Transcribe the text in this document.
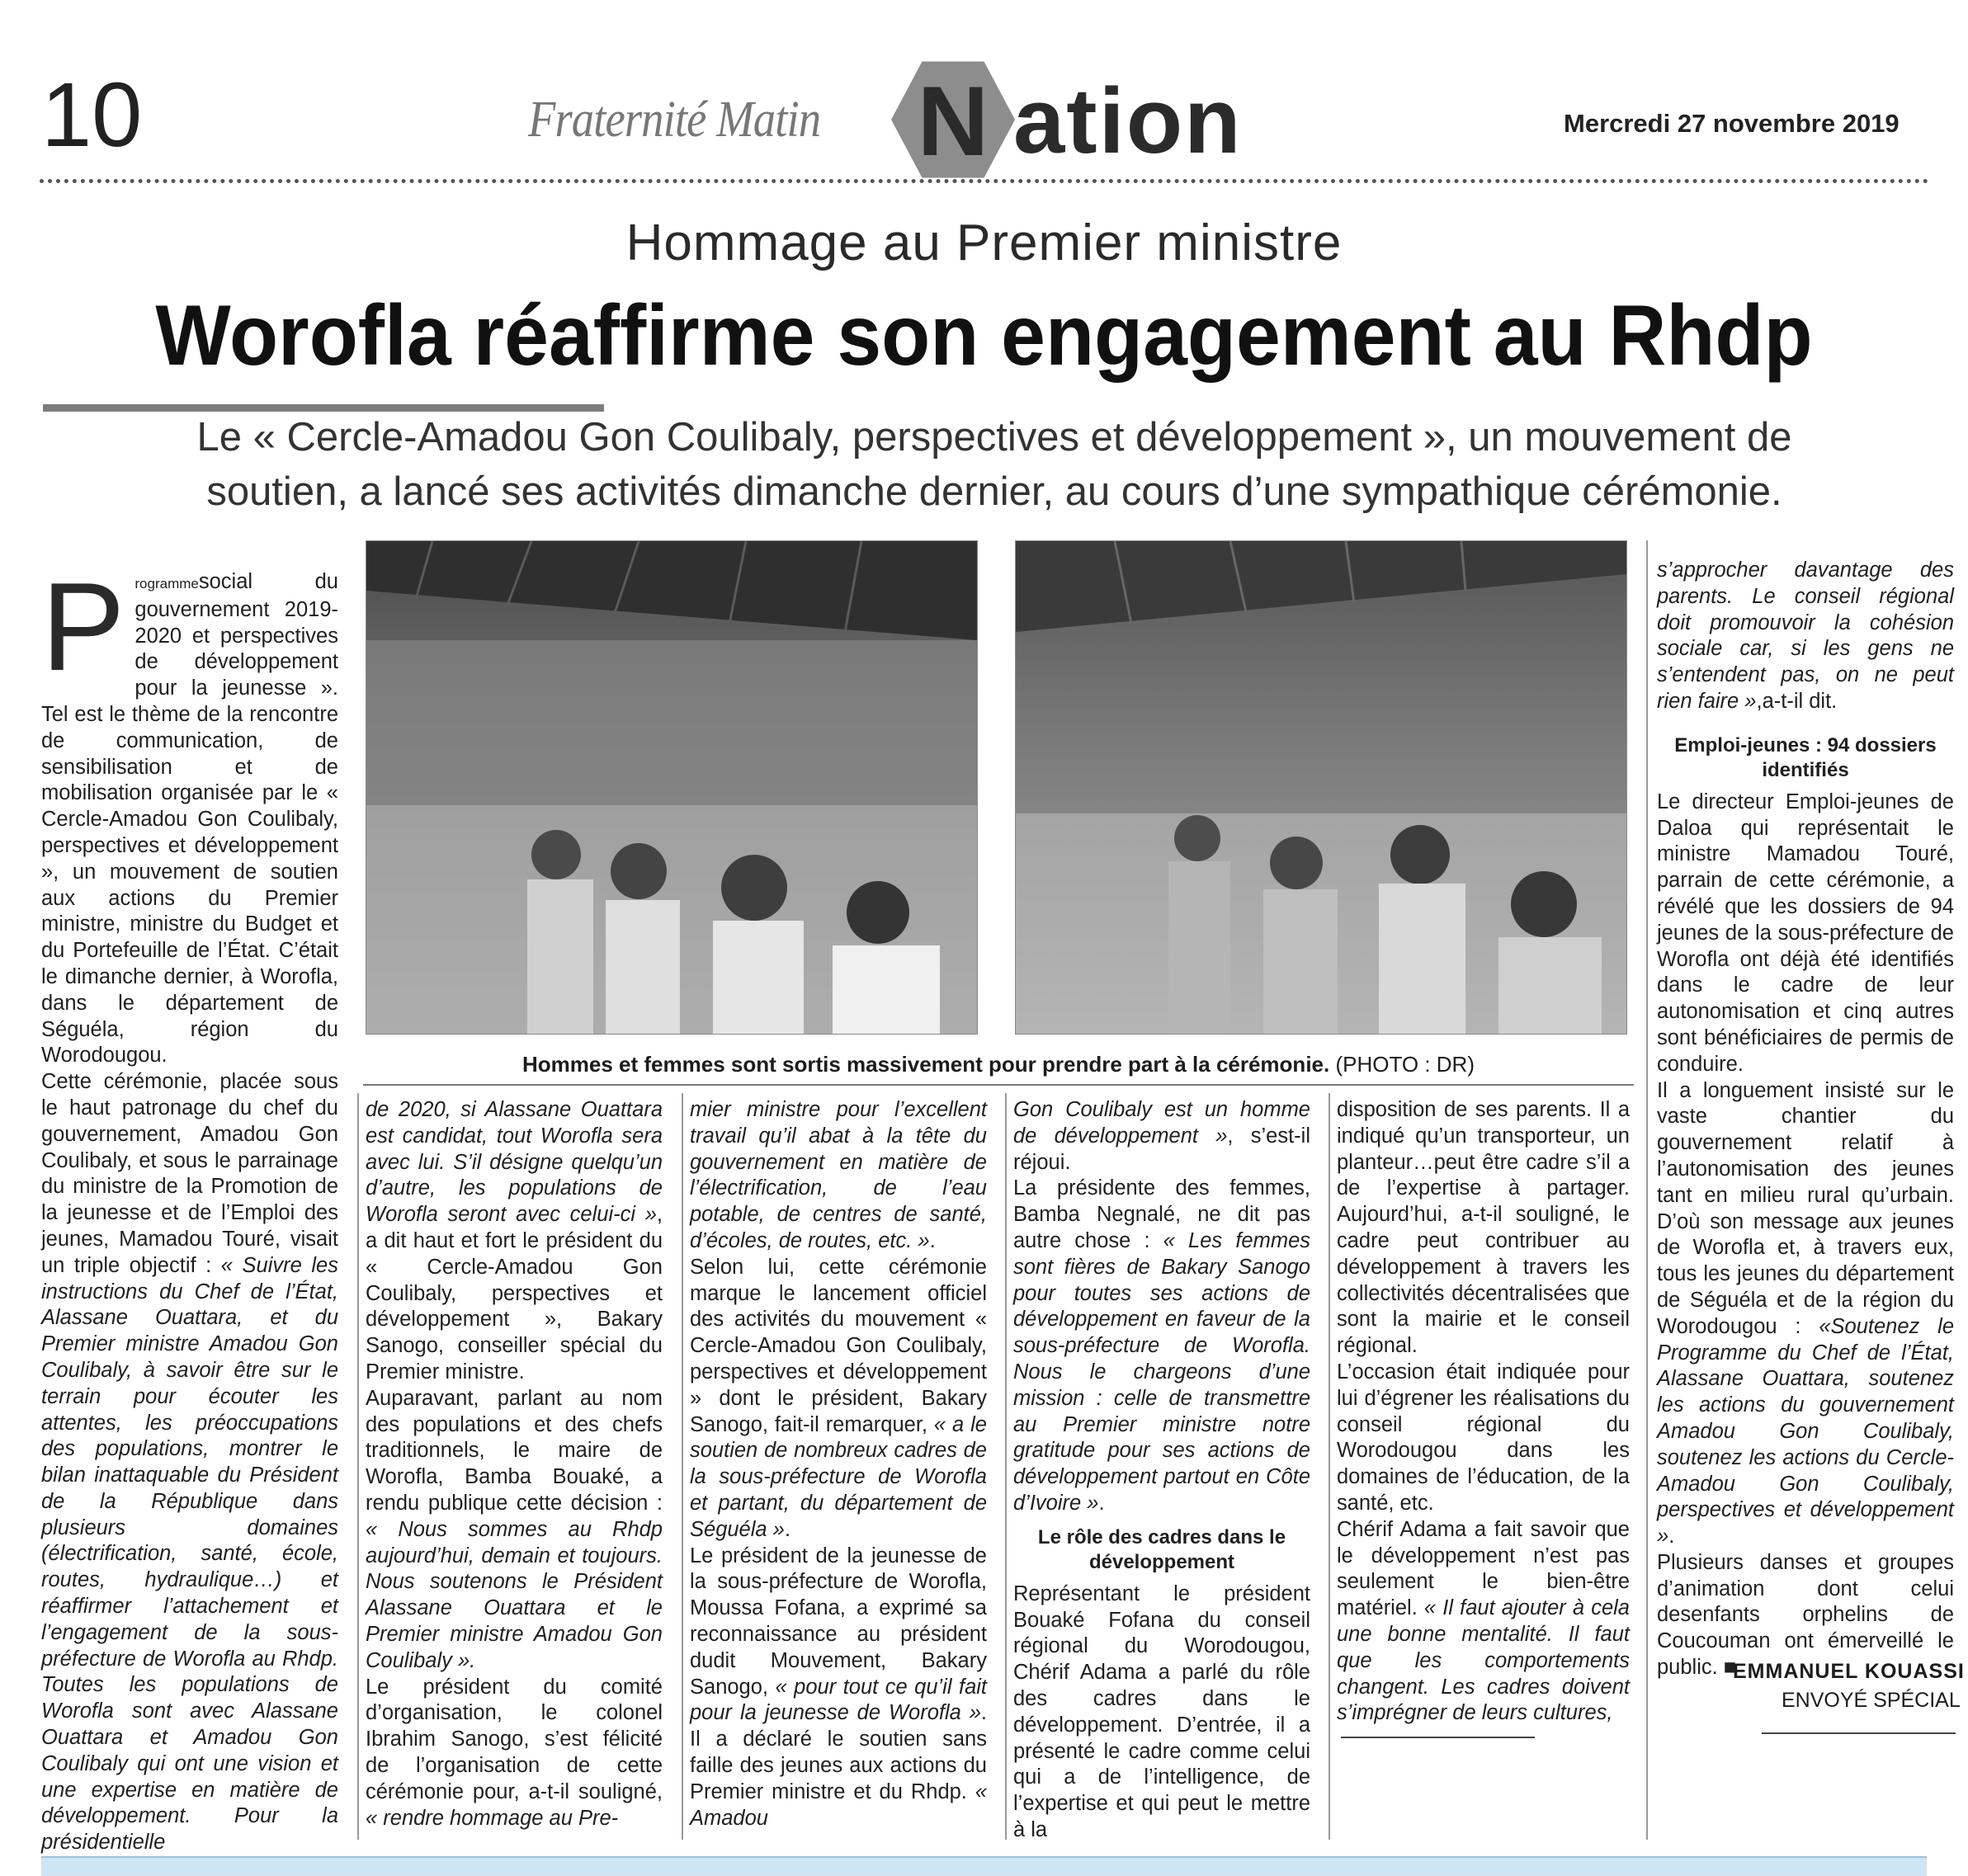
10	Fraternité Matin N ation	Mercredi 27 novembre 2019
Hommage au Premier ministre
Worofla réaffirme son engagement au Rhdp
Le « Cercle-Amadou Gon Coulibaly, perspectives et développement », un mouvement de
soutien, a lancé ses activités dimanche dernier, au cours d’une sympathique cérémonie.
Hommes et femmes sont sortis massivement pour prendre part à la cérémonie. (PHOTO : DR)

Programmesocial du gouvernement 2019-2020 et perspectives de développement pour la jeunesse ». Tel est le thème de la rencontre de communication, de sensibilisation et de mobilisation organisée par le « Cercle-Amadou Gon Coulibaly, perspectives et développement », un mouvement de soutien aux actions du Premier ministre, ministre du Budget et du Portefeuille de l’État. C’était le dimanche dernier, à Worofla, dans le département de Séguéla, région du Worodougou.

Cette cérémonie, placée sous le haut patronage du chef du gouvernement, Amadou Gon Coulibaly, et sous le parrainage du ministre de la Promotion de la jeunesse et de l’Emploi des jeunes, Mamadou Touré, visait un triple objectif : « Suivre les instructions du Chef de l’État, Alassane Ouattara, et du Premier ministre Amadou Gon Coulibaly, à savoir être sur le terrain pour écouter les attentes, les préoccupations des populations, montrer le bilan inattaquable du Président de la République dans plusieurs domaines (électrification, santé, école, routes, hydraulique…) et réaffirmer l’attachement et l’engagement de la sous-préfecture de Worofla au Rhdp. Toutes les populations de Worofla sont avec Alassane Ouattara et Amadou Gon Coulibaly qui ont une vision et une expertise en matière de développement. Pour la présidentielle

de 2020, si Alassane Ouattara est candidat, tout Worofla sera avec lui. S’il désigne quelqu’un d’autre, les populations de Worofla seront avec celui-ci », a dit haut et fort le président du « Cercle-Amadou Gon Coulibaly, perspectives et développement », Bakary Sanogo, conseiller spécial du Premier ministre.

Auparavant, parlant au nom des populations et des chefs traditionnels, le maire de Worofla, Bamba Bouaké, a rendu publique cette décision : « Nous sommes au Rhdp aujourd’hui, demain et toujours. Nous soutenons le Président Alassane Ouattara et le Premier ministre Amadou Gon Coulibaly ».

Le président du comité d’organisation, le colonel Ibrahim Sanogo, s’est félicité de l’organisation de cette cérémonie pour, a-t-il souligné, « rendre hommage au Pre-

mier ministre pour l’excellent travail qu’il abat à la tête du gouvernement en matière de l’électrification, de l’eau potable, de centres de santé, d’écoles, de routes, etc. ».

Selon lui, cette cérémonie marque le lancement officiel des activités du mouvement « Cercle-Amadou Gon Coulibaly, perspectives et développement » dont le président, Bakary Sanogo, fait-il remarquer, « a le soutien de nombreux cadres de la sous-préfecture de Worofla et partant, du département de Séguéla ».

Le président de la jeunesse de la sous-préfecture de Worofla, Moussa Fofana, a exprimé sa reconnaissance au président dudit Mouvement, Bakary Sanogo, « pour tout ce qu’il fait pour la jeunesse de Worofla ». Il a déclaré le soutien sans faille des jeunes aux actions du Premier ministre et du Rhdp. « Amadou

Gon Coulibaly est un homme de développement », s’est-il réjoui.

La présidente des femmes, Bamba Negnalé, ne dit pas autre chose : « Les femmes sont fières de Bakary Sanogo pour toutes ses actions de développement en faveur de la sous-préfecture de Worofla. Nous le chargeons d’une mission : celle de transmettre au Premier ministre notre gratitude pour ses actions de développement partout en Côte d’Ivoire ».

Le rôle des cadres dans le
développement

Représentant le président Bouaké Fofana du conseil régional du Worodougou, Chérif Adama a parlé du rôle des cadres dans le développement. D’entrée, il a présenté le cadre comme celui qui a de l’intelligence, de l’expertise et qui peut le mettre à la

disposition de ses parents. Il a indiqué qu’un transporteur, un planteur…peut être cadre s’il a de l’expertise à partager. Aujourd’hui, a-t-il souligné, le cadre peut contribuer au développement à travers les collectivités décentralisées que sont la mairie et le conseil régional.

L’occasion était indiquée pour lui d’égrener les réalisations du conseil régional du Worodougou dans les domaines de l’éducation, de la santé, etc.

Chérif Adama a fait savoir que le développement n’est pas seulement le bien-être matériel. « Il faut ajouter à cela une bonne mentalité. Il faut que les comportements changent. Les cadres doivent s’imprégner de leurs cultures,

s’approcher davantage des parents. Le conseil régional doit promouvoir la cohésion sociale car, si les gens ne s’entendent pas, on ne peut rien faire »,a-t-il dit.

Emploi-jeunes : 94 dossiers
identifiés

Le directeur Emploi-jeunes de Daloa qui représentait le ministre Mamadou Touré, parrain de cette cérémonie, a révélé que les dossiers de 94 jeunes de la sous-préfecture de Worofla ont déjà été identifiés dans le cadre de leur autonomisation et cinq autres sont bénéficiaires de permis de conduire.

Il a longuement insisté sur le vaste chantier du gouvernement relatif à l’autonomisation des jeunes tant en milieu rural qu’urbain. D’où son message aux jeunes de Worofla et, à travers eux, tous les jeunes du département de Séguéla et de la région du Worodougou : «Soutenez le Programme du Chef de l’État, Alassane Ouattara, soutenez les actions du gouvernement Amadou Gon Coulibaly, soutenez les actions du Cercle-Amadou Gon Coulibaly, perspectives et développement ».

Plusieurs danses et groupes d’animation dont celui desenfants orphelins de Coucouman ont émerveillé le public. ■

EMMANUEL KOUASSI
ENVOYÉ SPÉCIAL
